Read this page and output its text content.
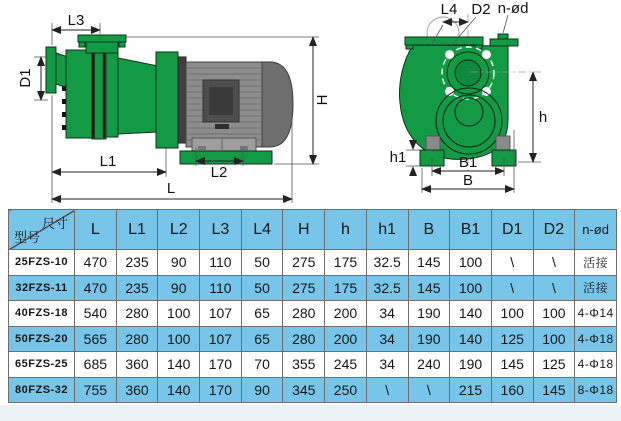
L3
D1
H
L1
L2
L
L4 D2 n-ød
h
h1	B1
B
尺寸
型号	L	L1	L2	L3	L4	H	h	h1	B	B1	D1	D2	n-ød
25FZS-10	470	235	90	110	50	275	175	32.5	145	100	\	\	活接
32FZS-11	470	235	90	110	50	275	175	32.5	145	100	\	\	活接
40FZS-18	540	280	100	107	65	280	200	34	190	140	100	100	4-Φ14
50FZS-20	565	280	100	107	65	280	200	34	190	140	125	100	4-Φ18
65FZS-25	685	360	140	170	70	355	245	34	240	190	145	125	4-Φ18
80FZS-32	755	360	140	170	90	345	250	\	\	215	160	145	8-Φ18
